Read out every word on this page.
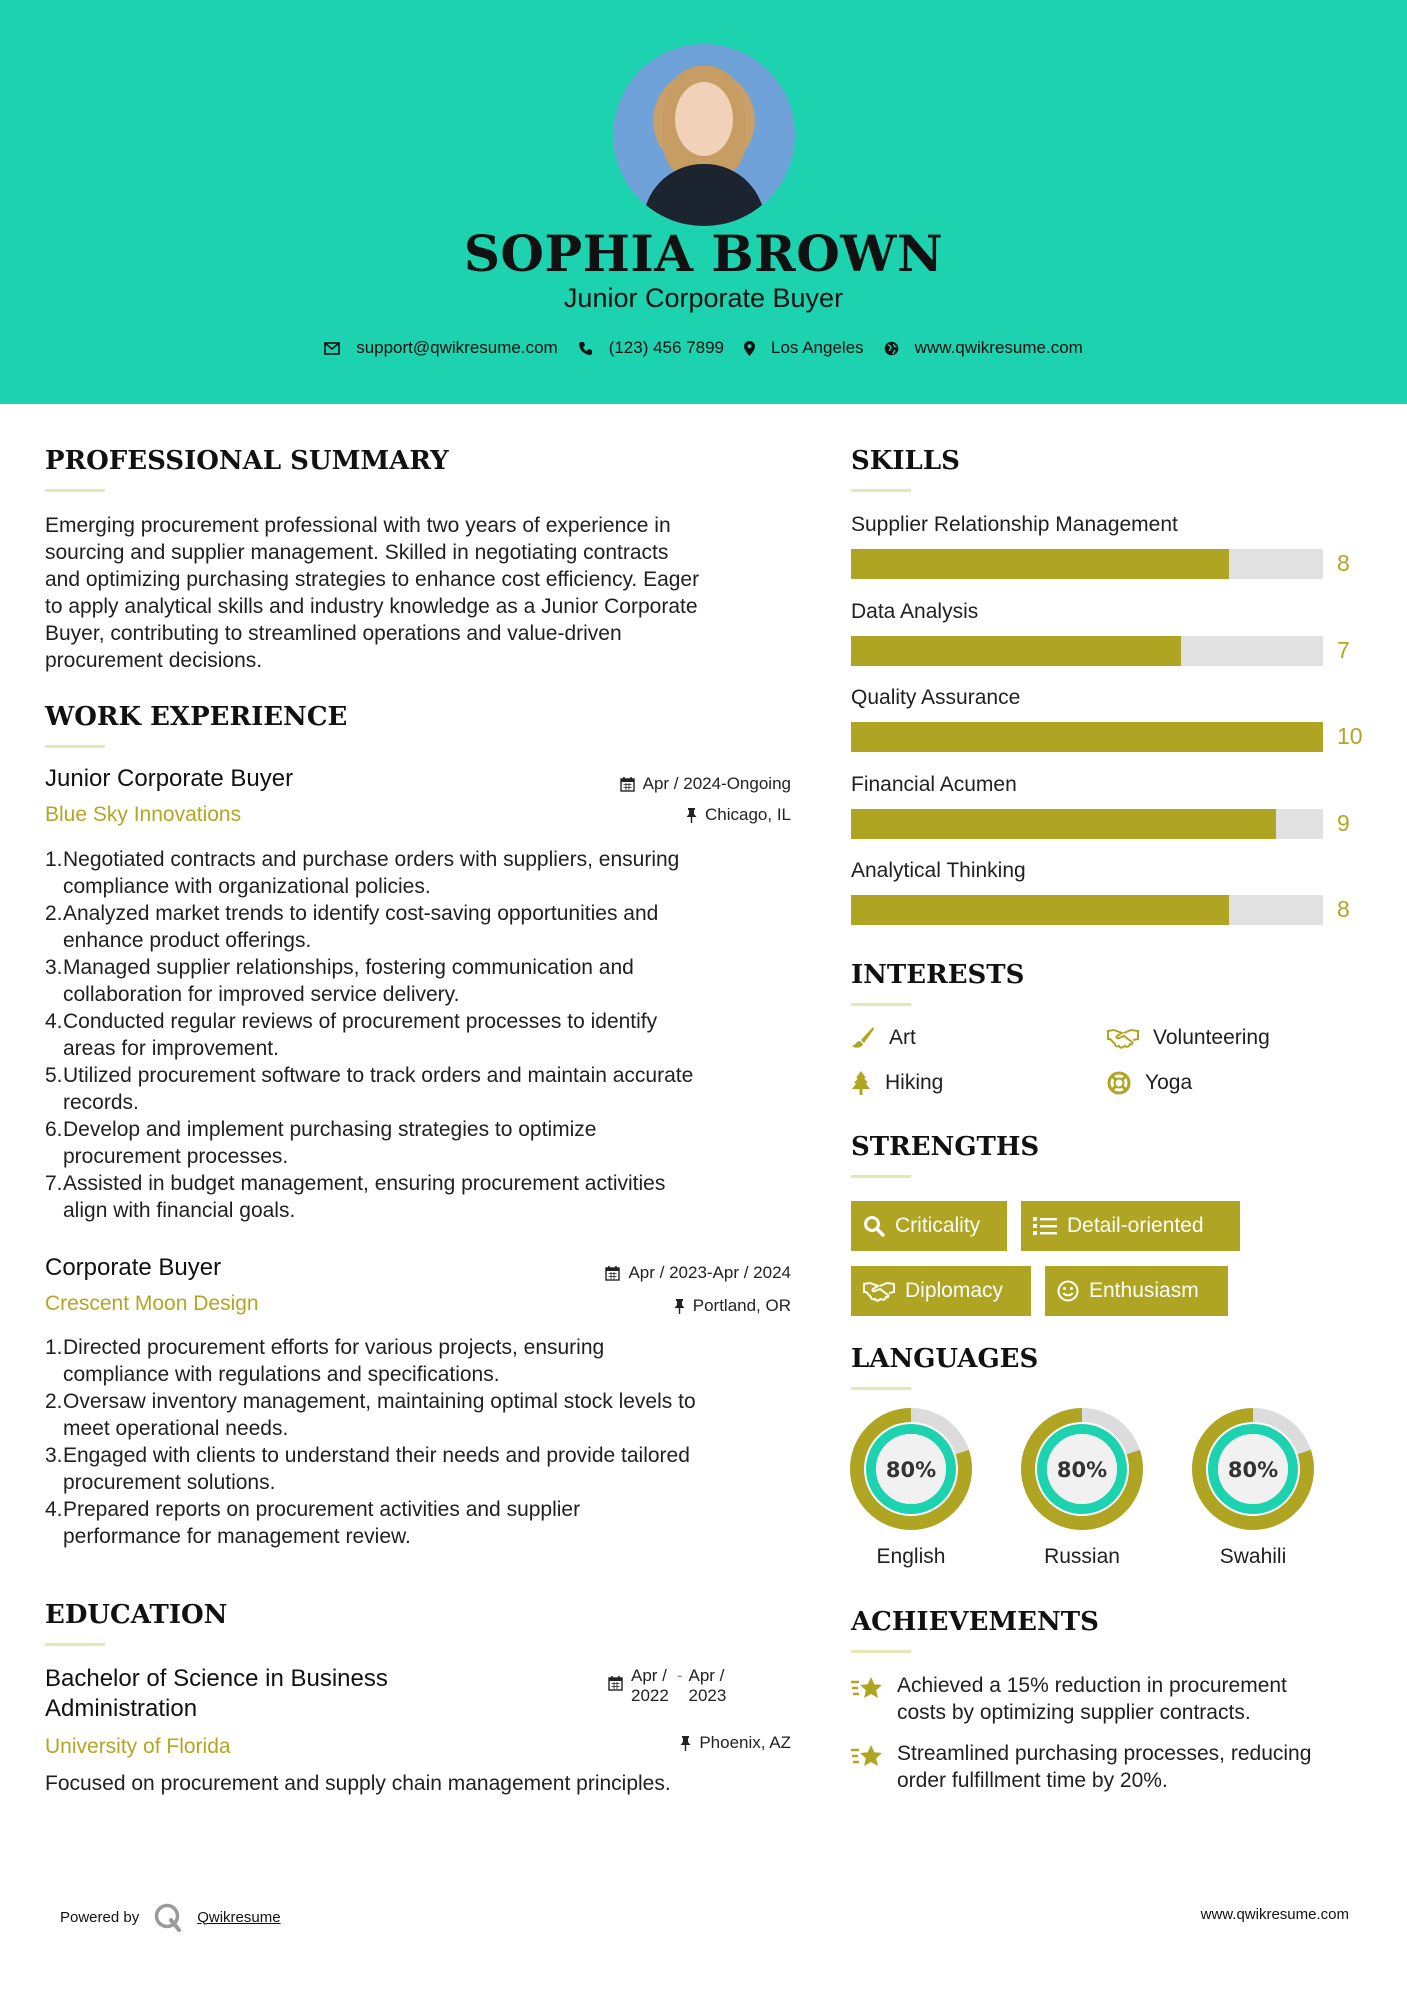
SOPHIA BROWN
Junior Corporate Buyer
support@qwikresume.com	(123) 456 7899	Los Angeles	www.qwikresume.com
PROFESSIONAL SUMMARY
Emerging procurement professional with two years of experience in
sourcing and supplier management. Skilled in negotiating contracts
and optimizing purchasing strategies to enhance cost efficiency. Eager
to apply analytical skills and industry knowledge as a Junior Corporate
Buyer, contributing to streamlined operations and value-driven
procurement decisions.
WORK EXPERIENCE
Junior Corporate Buyer
Blue Sky Innovations
Apr / 2024-Ongoing
Chicago, IL
1. Negotiated contracts and purchase orders with suppliers, ensuring
compliance with organizational policies.
2. Analyzed market trends to identify cost-saving opportunities and
enhance product offerings.
3. Managed supplier relationships, fostering communication and
collaboration for improved service delivery.
4. Conducted regular reviews of procurement processes to identify
areas for improvement.
5. Utilized procurement software to track orders and maintain accurate
records.
6. Develop and implement purchasing strategies to optimize
procurement processes.
7. Assisted in budget management, ensuring procurement activities
align with financial goals.
Corporate Buyer
Crescent Moon Design
Apr / 2023-Apr / 2024
Portland, OR
1. Directed procurement efforts for various projects, ensuring
compliance with regulations and specifications.
2. Oversaw inventory management, maintaining optimal stock levels to
meet operational needs.
3. Engaged with clients to understand their needs and provide tailored
procurement solutions.
4. Prepared reports on procurement activities and supplier
performance for management review.
EDUCATION
Bachelor of Science in Business
Administration
University of Florida
Apr /
2022
- Apr /
2023
Phoenix, AZ
Focused on procurement and supply chain management principles.
SKILLS
Supplier Relationship Management
8
Data Analysis
7
Quality Assurance
10
Financial Acumen
9
Analytical Thinking
8
INTERESTS
Art	Volunteering
Hiking	Yoga
STRENGTHS
Criticality	Detail-oriented
Diplomacy	Enthusiasm
LANGUAGES
80%
English
80%
Russian
80%
Swahili
ACHIEVEMENTS
Achieved a 15% reduction in procurement
costs by optimizing supplier contracts.
Streamlined purchasing processes, reducing
order fulfillment time by 20%.
Powered by	Qwikresume	www.qwikresume.com
